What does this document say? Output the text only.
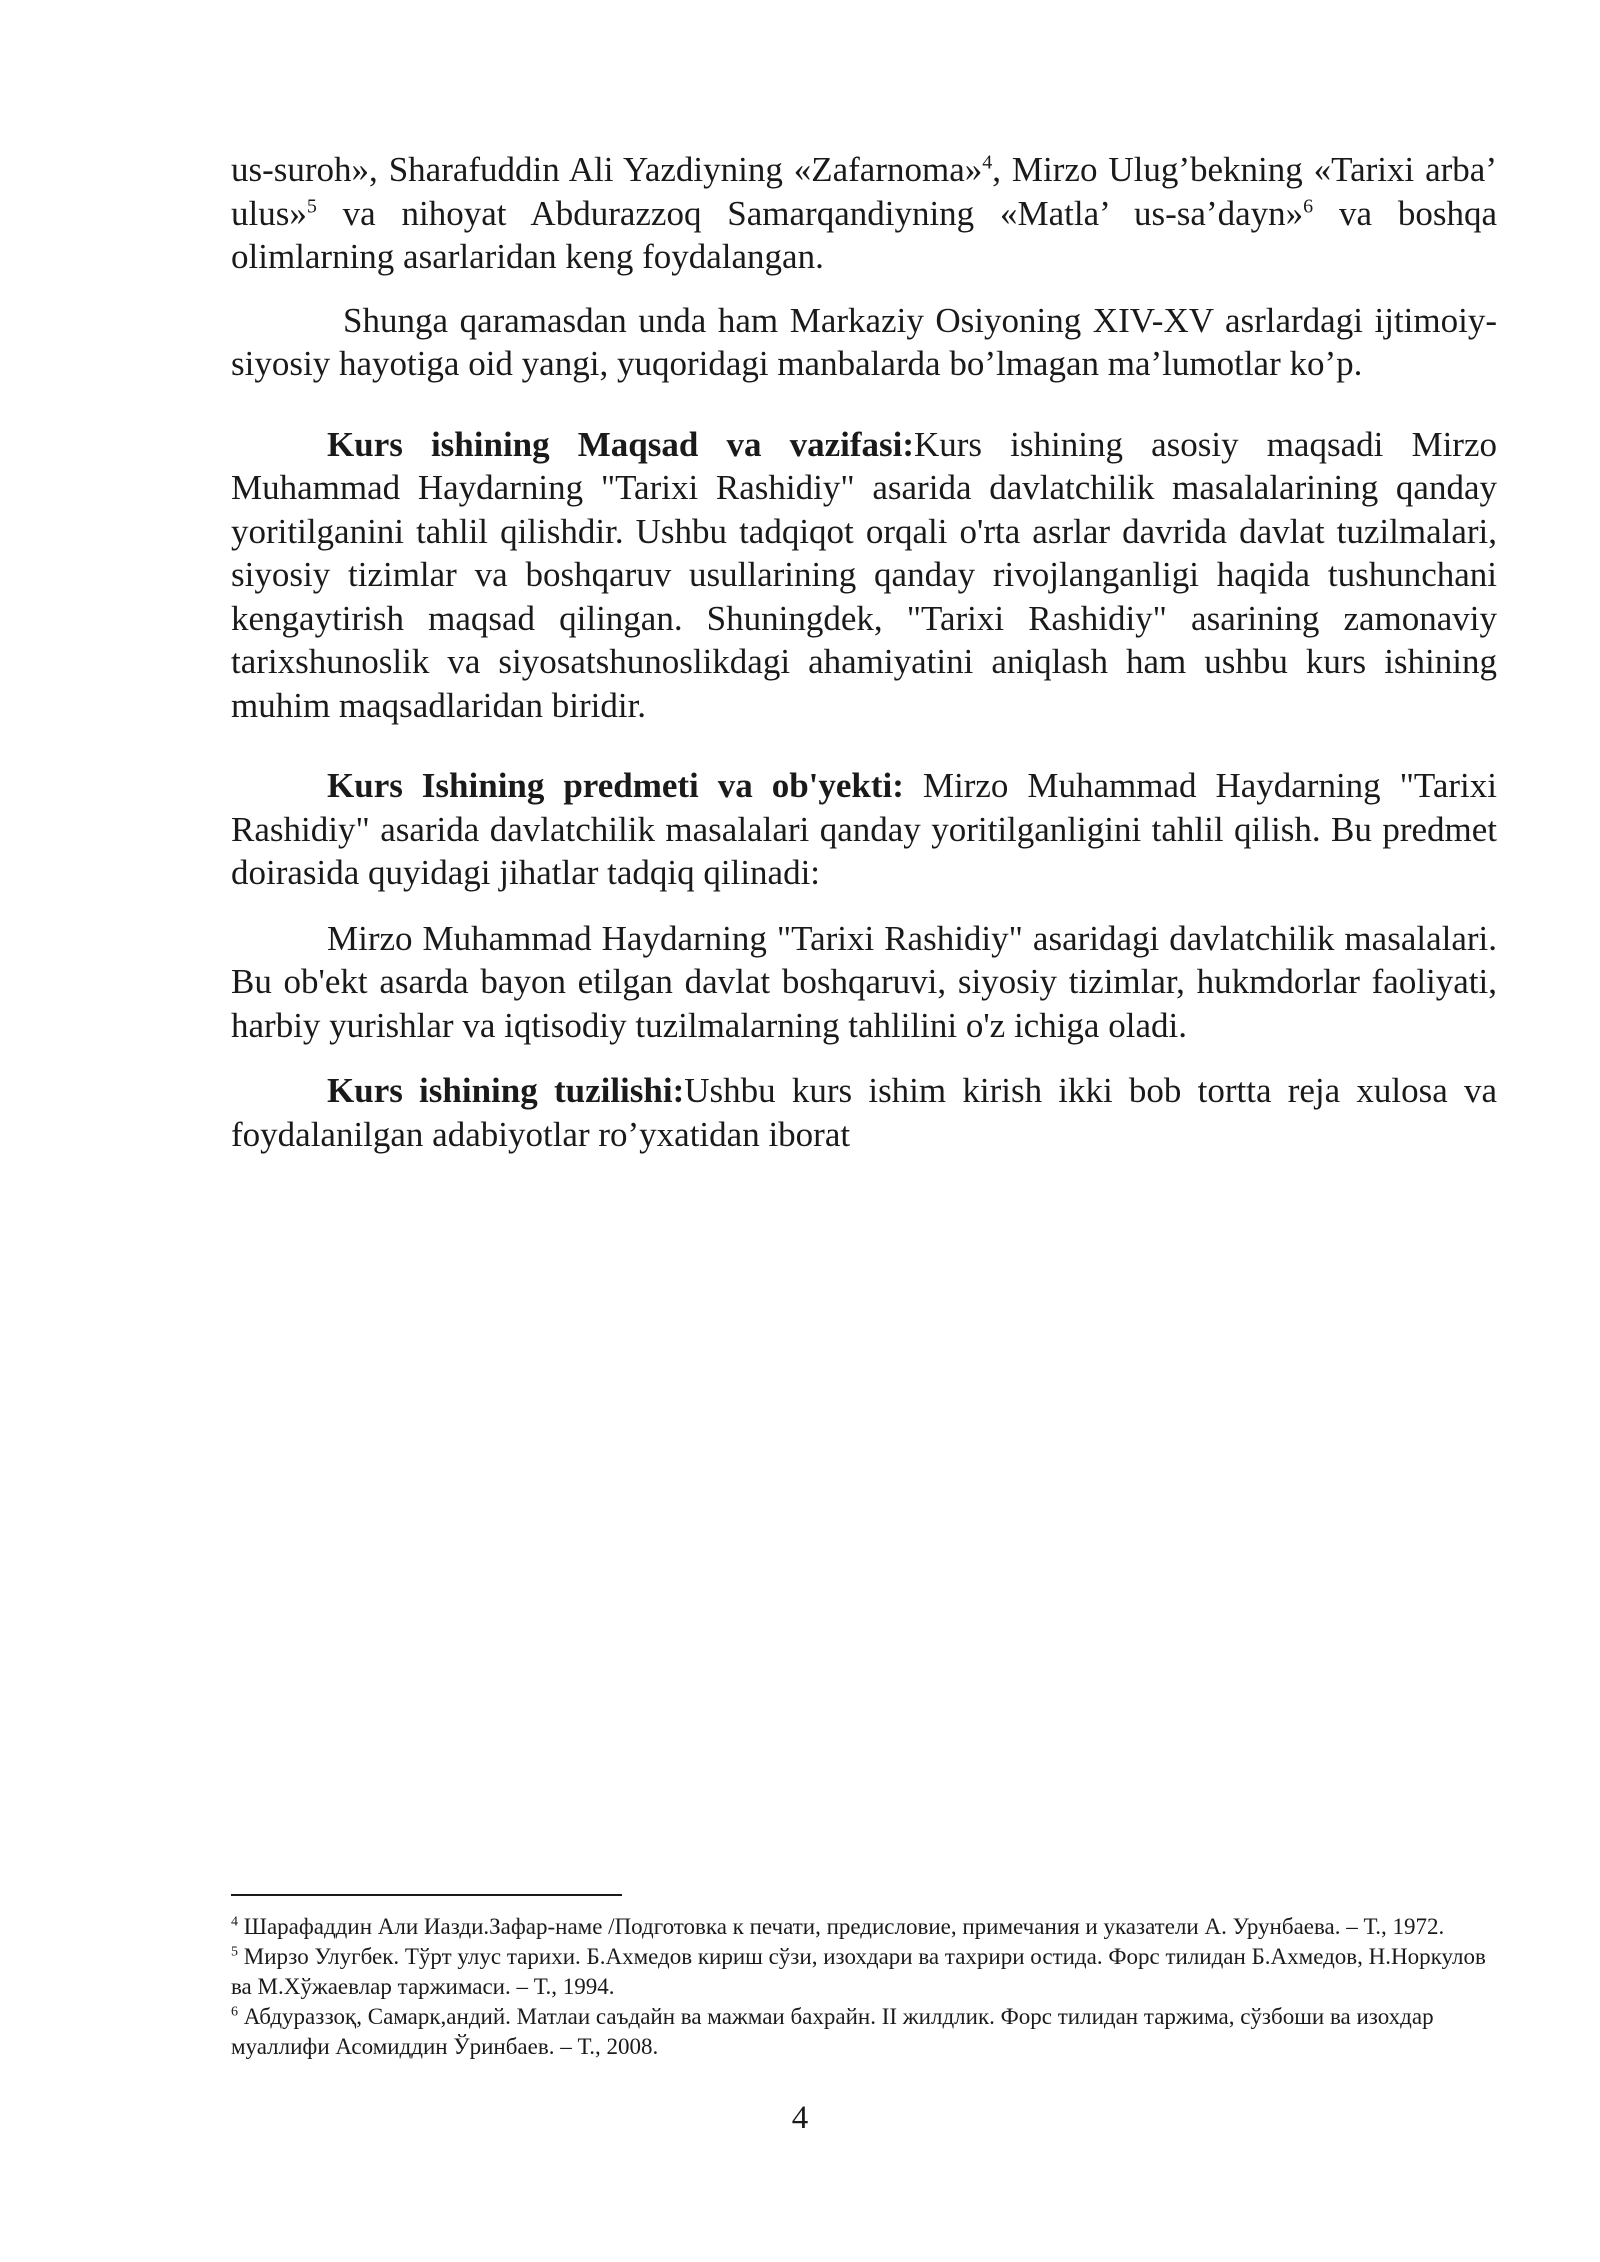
us-suroh», Sharafuddin Ali Yazdiyning «Zafarnoma»$^4$, Mirzo Ulug’bekning «Tarixi arba’ ulus»$^5$ va nihoyat Abdurazzoq Samarqandiyning «Matla’ us-sa’dayn»$^6$ va boshqa olimlarning asarlaridan keng foydalangan.

Shunga qaramasdan unda ham Markaziy Osiyoning XIV-XV asrlardagi ijtimoiy-siyosiy hayotiga oid yangi, yuqoridagi manbalarda bo’lmagan ma’lumotlar ko’p.

Kurs ishining Maqsad va vazifasi:Kurs ishining asosiy maqsadi Mirzo Muhammad Haydarning "Tarixi Rashidiy" asarida davlatchilik masalalarining qanday yoritilganini tahlil qilishdir. Ushbu tadqiqot orqali o'rta asrlar davrida davlat tuzilmalari, siyosiy tizimlar va boshqaruv usullarining qanday rivojlanganligi haqida tushunchani kengaytirish maqsad qilingan. Shuningdek, "Tarixi Rashidiy" asarining zamonaviy tarixshunoslik va siyosatshunoslikdagi ahamiyatini aniqlash ham ushbu kurs ishining muhim maqsadlaridan biridir.

Kurs Ishining predmeti va ob'yekti: Mirzo Muhammad Haydarning "Tarixi Rashidiy" asarida davlatchilik masalalari qanday yoritilganligini tahlil qilish. Bu predmet doirasida quyidagi jihatlar tadqiq qilinadi:

Mirzo Muhammad Haydarning "Tarixi Rashidiy" asaridagi davlatchilik masalalari. Bu ob'ekt asarda bayon etilgan davlat boshqaruvi, siyosiy tizimlar, hukmdorlar faoliyati, harbiy yurishlar va iqtisodiy tuzilmalarning tahlilini o'z ichiga oladi.

Kurs ishining tuzilishi:Ushbu kurs ishim kirish ikki bob tortta reja xulosa va foydalanilgan adabiyotlar ro’yxatidan iborat

$^4$ Шарафаддин Али Иазди.Зафар-наме /Подготовка к печати, предисловие, примечания и указатели А. Урунбаева. – Т., 1972.

$^5$ Мирзо Улугбек. Тўрт улус тарихи. Б.Ахмедов кириш сўзи, изохдари ва тахрири остида. Форс тилидан Б.Ахмедов, Н.Норкулов ва М.Хўжаевлар таржимаси. – Т., 1994.

$^6$ Абдураззоқ, Самарк,андий. Матлаи саъдайн ва мажмаи бахрайн. II жилдлик. Форс тилидан таржима, сўзбоши ва изохдар муаллифи Асомиддин Ўринбаев. – Т., 2008.

4
